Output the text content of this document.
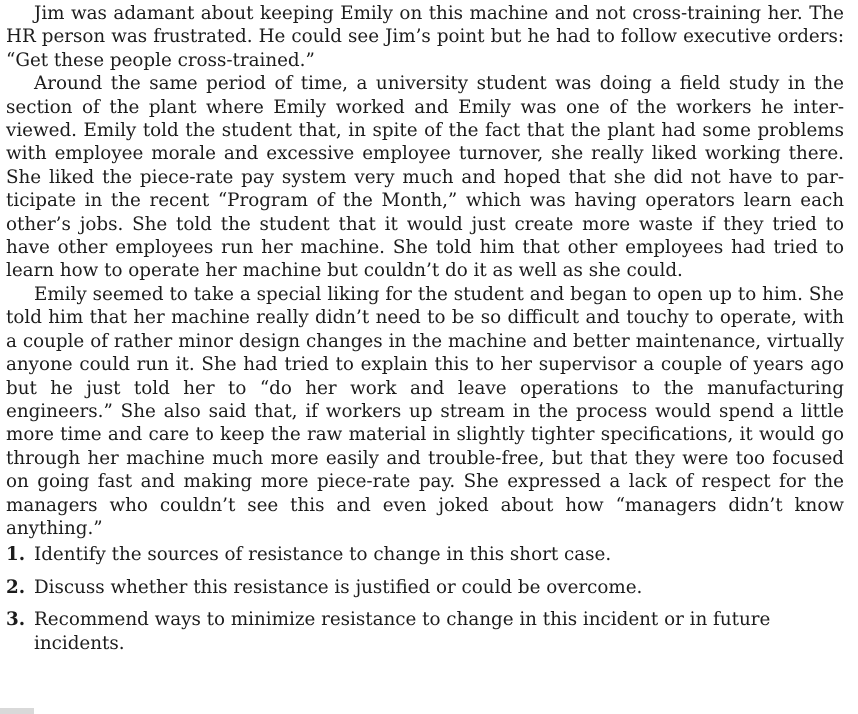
Jim was adamant about keeping Emily on this machine and not cross-training her. The HR person was frustrated. He could see Jim’s point but he had to follow executive orders: “Get these people cross-trained.”

Around the same period of time, a university student was doing a field study in the section of the plant where Emily worked and Emily was one of the workers he interviewed. Emily told the student that, in spite of the fact that the plant had some problems with employee morale and excessive employee turnover, she really liked working there. She liked the piece-rate pay system very much and hoped that she did not have to participate in the recent “Program of the Month,” which was having operators learn each other’s jobs. She told the student that it would just create more waste if they tried to have other employees run her machine. She told him that other employees had tried to learn how to operate her machine but couldn’t do it as well as she could.

Emily seemed to take a special liking for the student and began to open up to him. She told him that her machine really didn’t need to be so difficult and touchy to operate, with a couple of rather minor design changes in the machine and better maintenance, virtually anyone could run it. She had tried to explain this to her supervisor a couple of years ago but he just told her to “do her work and leave operations to the manufacturing engineers.” She also said that, if workers up stream in the process would spend a little more time and care to keep the raw material in slightly tighter specifications, it would go through her machine much more easily and trouble-free, but that they were too focused on going fast and making more piece-rate pay. She expressed a lack of respect for the managers who couldn’t see this and even joked about how “managers didn’t know anything.”

1. Identify the sources of resistance to change in this short case.
2. Discuss whether this resistance is justified or could be overcome.
3. Recommend ways to minimize resistance to change in this incident or in future incidents.
